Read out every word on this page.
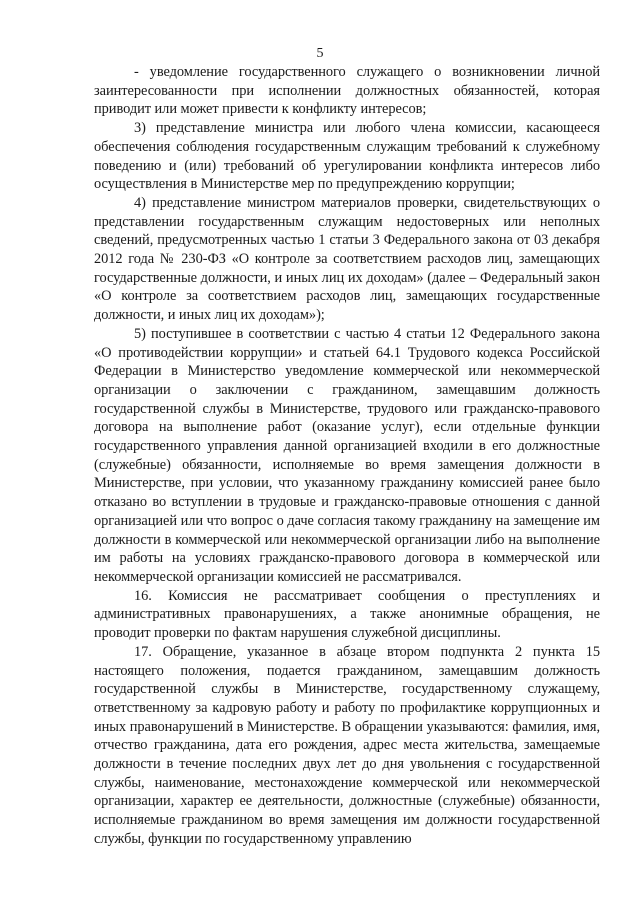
5

- уведомление государственного служащего о возникновении личной заинтересованности при исполнении должностных обязанностей, которая приводит или может привести к конфликту интересов;

3) представление министра или любого члена комиссии, касающееся обеспечения соблюдения государственным служащим требований к служебному поведению и (или) требований об урегулировании конфликта интересов либо осуществления в Министерстве мер по предупреждению коррупции;

4) представление министром материалов проверки, свидетельствующих о представлении государственным служащим недостоверных или неполных сведений, предусмотренных частью 1 статьи 3 Федерального закона от 03 декабря 2012 года № 230-ФЗ «О контроле за соответствием расходов лиц, замещающих государственные должности, и иных лиц их доходам» (далее – Федеральный закон «О контроле за соответствием расходов лиц, замещающих государственные должности, и иных лиц их доходам»);

5) поступившее в соответствии с частью 4 статьи 12 Федерального закона «О противодействии коррупции» и статьей 64.1 Трудового кодекса Российской Федерации в Министерство уведомление коммерческой или некоммерческой организации о заключении с гражданином, замещавшим должность государственной службы в Министерстве, трудового или гражданско-правового договора на выполнение работ (оказание услуг), если отдельные функции государственного управления данной организацией входили в его должностные (служебные) обязанности, исполняемые во время замещения должности в Министерстве, при условии, что указанному гражданину комиссией ранее было отказано во вступлении в трудовые и гражданско-правовые отношения с данной организацией или что вопрос о даче согласия такому гражданину на замещение им должности в коммерческой или некоммерческой организации либо на выполнение им работы на условиях гражданско-правового договора в коммерческой или некоммерческой организации комиссией не рассматривался.

16. Комиссия не рассматривает сообщения о преступлениях и административных правонарушениях, а также анонимные обращения, не проводит проверки по фактам нарушения служебной дисциплины.

17. Обращение, указанное в абзаце втором подпункта 2 пункта 15 настоящего положения, подается гражданином, замещавшим должность государственной службы в Министерстве, государственному служащему, ответственному за кадровую работу и работу по профилактике коррупционных и иных правонарушений в Министерстве. В обращении указываются: фамилия, имя, отчество гражданина, дата его рождения, адрес места жительства, замещаемые должности в течение последних двух лет до дня увольнения с государственной службы, наименование, местонахождение коммерческой или некоммерческой организации, характер ее деятельности, должностные (служебные) обязанности, исполняемые гражданином во время замещения им должности государственной службы, функции по государственному управлению
